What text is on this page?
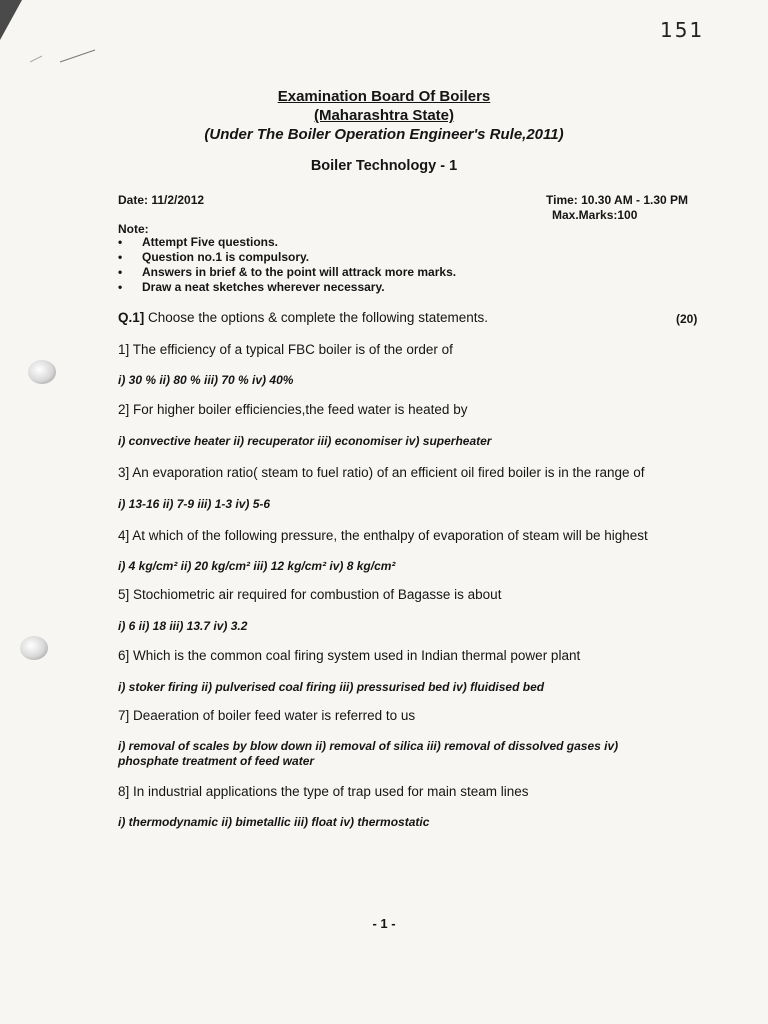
151
Examination Board Of Boilers
(Maharashtra State)
(Under The Boiler Operation Engineer's Rule,2011)
Boiler Technology - 1
Date: 11/2/2012	Time: 10.30 AM - 1.30 PM
Max.Marks:100
Note:
• Attempt Five questions.
• Question no.1 is compulsory.
• Answers in brief & to the point will attrack more marks.
• Draw a neat sketches wherever necessary.
Q.1] Choose the options & complete the following statements.	(20)
1] The efficiency of a typical FBC boiler is of the order of
i) 30 % ii) 80 % iii) 70 % iv) 40%
2] For higher boiler efficiencies,the feed water is heated by
i) convective heater ii) recuperator iii) economiser iv) superheater
3] An evaporation ratio( steam to fuel ratio) of an efficient oil fired boiler is in the range of
i) 13-16 ii) 7-9 iii) 1-3 iv) 5-6
4] At which of the following pressure, the enthalpy of evaporation of steam will be highest
i) 4 kg/cm² ii) 20 kg/cm² iii) 12 kg/cm² iv) 8 kg/cm²
5] Stochiometric air required for combustion of Bagasse is about
i) 6 ii) 18 iii) 13.7 iv) 3.2
6] Which is the common coal firing system used in Indian thermal power plant
i) stoker firing ii) pulverised coal firing iii) pressurised bed iv) fluidised bed
7] Deaeration of boiler feed water is referred to us
i) removal of scales by blow down ii) removal of silica iii) removal of dissolved gases iv)
phosphate treatment of feed water
8] In industrial applications the type of trap used for main steam lines
i) thermodynamic ii) bimetallic iii) float iv) thermostatic
- 1 -
